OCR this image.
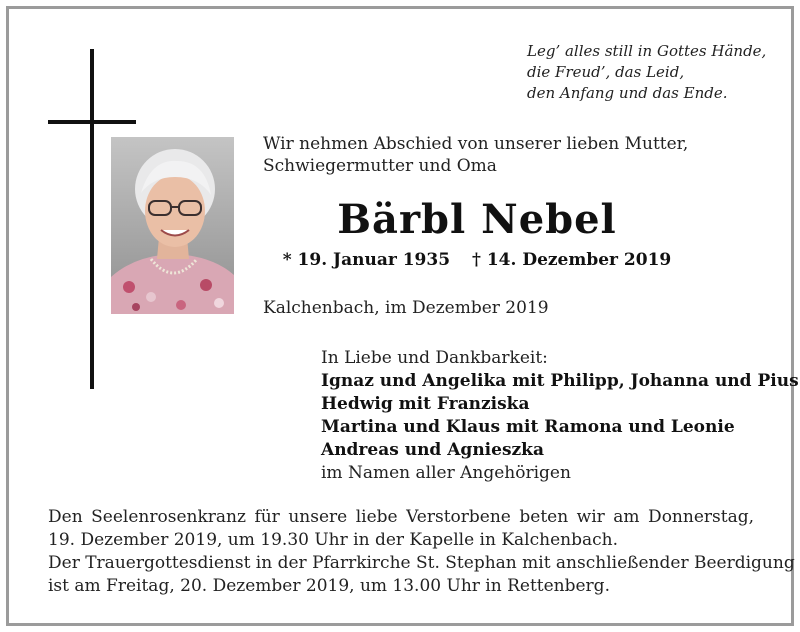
Leg’ alles still in Gottes Hände,
die Freud’, das Leid,
den Anfang und das Ende.
Wir nehmen Abschied von unserer lieben Mutter,
Schwiegermutter und Oma
Bärbl Nebel
* 19. Januar 1935 † 14. Dezember 2019
Kalchenbach, im Dezember 2019
In Liebe und Dankbarkeit:
Ignaz und Angelika mit Philipp, Johanna und Pius
Hedwig mit Franziska
Martina und Klaus mit Ramona und Leonie
Andreas und Agnieszka
im Namen aller Angehörigen
Den Seelenrosenkranz für unsere liebe Verstorbene beten wir am Donnerstag,
19. Dezember 2019, um 19.30 Uhr in der Kapelle in Kalchenbach.
Der Trauergottesdienst in der Pfarrkirche St. Stephan mit anschließender Beerdigung
ist am Freitag, 20. Dezember 2019, um 13.00 Uhr in Rettenberg.
